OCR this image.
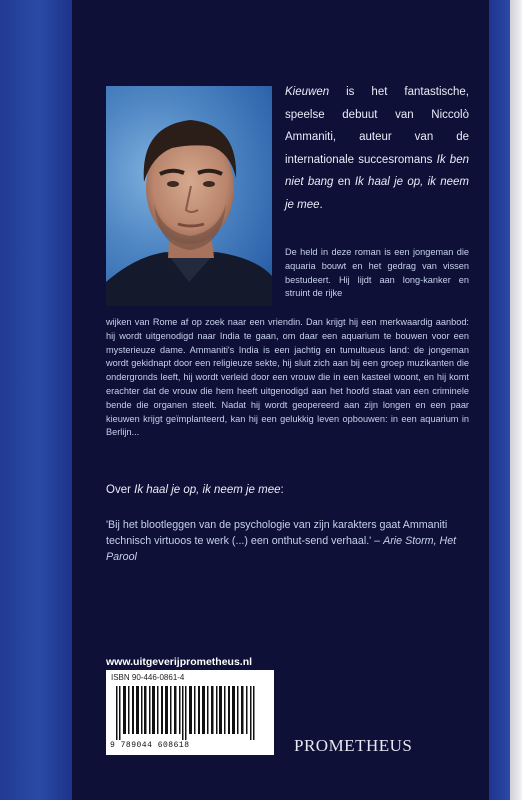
Kieuwen is het fantastische, speelse debuut van Niccolò Ammaniti, auteur van de internationale succesromans Ik ben niet bang en Ik haal je op, ik neem je mee.
De held in deze roman is een jongeman die aquaria bouwt en het gedrag van vissen bestudeert. Hij lijdt aan long-kanker en struint de rijke
wijken van Rome af op zoek naar een vriendin. Dan krijgt hij een merkwaardig aanbod: hij wordt uitgenodigd naar India te gaan, om daar een aquarium te bouwen voor een mysterieuze dame. Ammaniti's India is een jachtig en tumultueus land: de jongeman wordt gekidnapt door een religieuze sekte, hij sluit zich aan bij een groep muzikanten die ondergronds leeft, hij wordt verleid door een vrouw die in een kasteel woont, en hij komt erachter dat de vrouw die hem heeft uitgenodigd aan het hoofd staat van een criminele bende die organen steelt. Nadat hij wordt geopereerd aan zijn longen en een paar kieuwen krijgt geïmplanteerd, kan hij een gelukkig leven opbouwen: in een aquarium in Berlijn...
Over Ik haal je op, ik neem je mee:
'Bij het blootleggen van de psychologie van zijn karakters gaat Ammaniti technisch virtuoos te werk (...) een onthut-send verhaal.' – Arie Storm, Het Parool
www.uitgeverijprometheus.nl
ISBN 90-446-0861-4
9 789044 608618	PROMETHEUS
